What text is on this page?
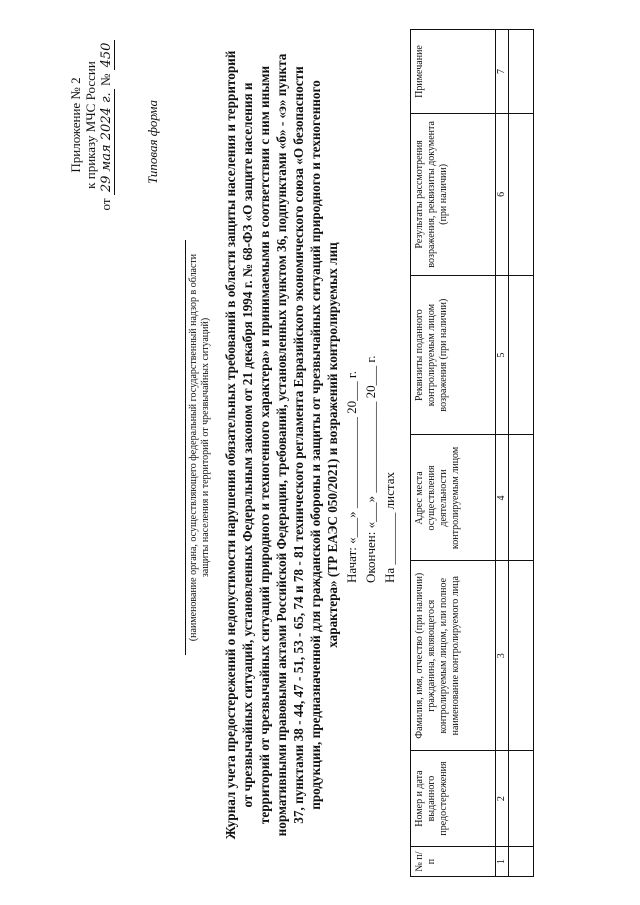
Приложение № 2 к приказу МЧС России
от 29 мая 2024 г. № 450
Типовая форма
(наименование органа, осуществляющего федеральный государственный надзор в области защиты населения и территорий от чрезвычайных ситуаций) Журнал учета предостережений о недопустимости нарушения обязательных требований в области защиты населения и территорий от чрезвычайных ситуаций, установленных Федеральным законом от 21 декабря 1994 г. № 68-ФЗ «О защите населения и территорий от чрезвычайных ситуаций природного и техногенного характера» и принимаемыми в соответствии с ним иными нормативными правовыми актами Российской Федерации, требований, установленных пунктом 36, подпунктами «б» - «э» пункта 37, пунктами 38 - 44, 47 - 51, 53 - 65, 74 и 78 - 81 технического регламента Евразийского экономического союза «О безопасности продукции, предназначенной для гражданской обороны и защиты от чрезвычайных ситуаций природного и техногенного характера» (ТР ЕАЭС 050/2021) и возражений контролируемых лиц Начат: «___» ______________ 20___ г. Окончен: «___» ______________ 20___ г. На ________ листах
№ п/п	Номер и дата выданного предостережения	Фамилия, имя, отчество (при наличии) гражданина, являющегося контролируемым лицом, или полное наименование контролируемого лица	Адрес места осуществления деятельности контролируемым лицом	Реквизиты поданного контролируемым лицом возражения (при наличии)	Результаты рассмотрения возражения, реквизиты документа (при наличии)	Примечание
1	2	3	4	5	6	7
